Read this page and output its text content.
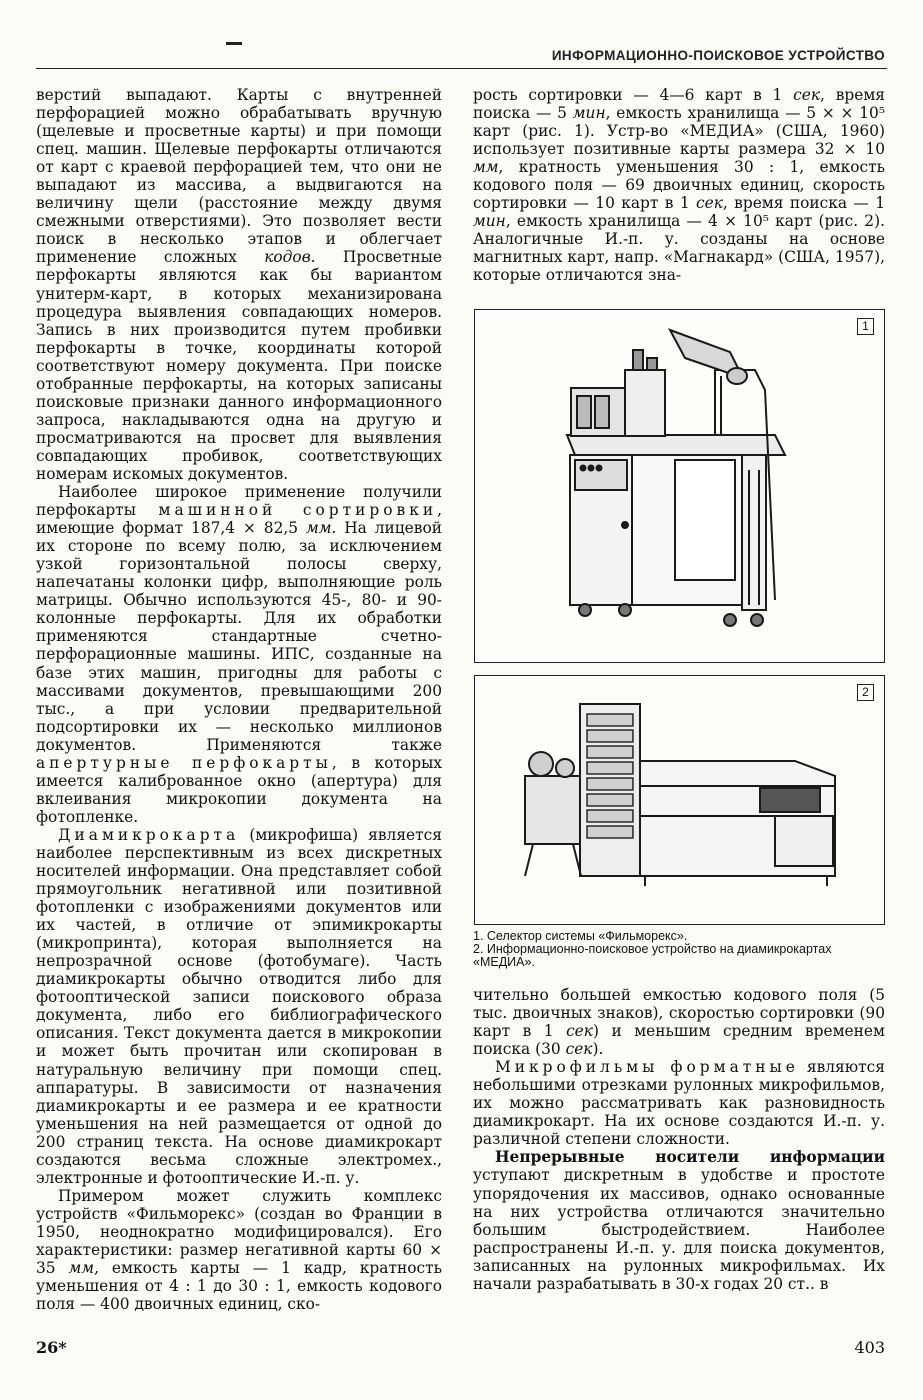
ИНФОРМАЦИОННО-ПОИСКОВОЕ УСТРОЙСТВО

верстий выпадают. Карты с внутренней перфорацией можно обрабатывать вручную (щелевые и просветные карты) и при помощи спец. машин. Щелевые перфокарты отличаются от карт с краевой перфорацией тем, что они не выпадают из массива, а выдвигаются на величину щели (расстояние между двумя смежными отверстиями). Это позволяет вести поиск в несколько этапов и облегчает применение сложных кодов. Просветные перфокарты являются как бы вариантом унитерм-карт, в которых механизирована процедура выявления совпадающих номеров. Запись в них производится путем пробивки перфокарты в точке, координаты которой соответствуют номеру документа. При поиске отобранные перфокарты, на которых записаны поисковые признаки данного информационного запроса, накладываются одна на другую и просматриваются на просвет для выявления совпадающих пробивок, соответствующих номерам искомых документов.

Наиболее широкое применение получили перфокарты машинной сортировки, имеющие формат 187,4 × 82,5 мм. На лицевой их стороне по всему полю, за исключением узкой горизонтальной полосы сверху, напечатаны колонки цифр, выполняющие роль матрицы. Обычно используются 45-, 80- и 90-колонные перфокарты. Для их обработки применяются стандартные счетно-перфорационные машины. ИПС, созданные на базе этих машин, пригодны для работы с массивами документов, превышающими 200 тыс., а при условии предварительной подсортировки их — несколько миллионов документов. Применяются также апертурные перфокарты, в которых имеется калиброванное окно (апертура) для вклеивания микрокопии документа на фотопленке.

Диамикрокарта (микрофиша) является наиболее перспективным из всех дискретных носителей информации. Она представляет собой прямоугольник негативной или позитивной фотопленки с изображениями документов или их частей, в отличие от эпимикрокарты (микропринта), которая выполняется на непрозрачной основе (фотобумаге). Часть диамикрокарты обычно отводится либо для фотооптической записи поискового образа документа, либо его библиографического описания. Текст документа дается в микрокопии и может быть прочитан или скопирован в натуральную величину при помощи спец. аппаратуры. В зависимости от назначения диамикрокарты и ее размера и ее кратности уменьшения на ней размещается от одной до 200 страниц текста. На основе диамикрокарт создаются весьма сложные электромех., электронные и фотооптические И.-п. у.

Примером может служить комплекс устройств «Фильморекс» (создан во Франции в 1950, неоднократно модифицировался). Его характеристики: размер негативной карты 60 × 35 мм, емкость карты — 1 кадр, кратность уменьшения от 4 : 1 до 30 : 1, емкость кодового поля — 400 двоичных единиц, ско-

рость сортировки — 4—6 карт в 1 сек, время поиска — 5 мин, емкость хранилища — 5 × × 10⁵ карт (рис. 1). Устр-во «МЕДИА» (США, 1960) использует позитивные карты размера 32 × 10 мм, кратность уменьшения 30 : 1, емкость кодового поля — 69 двоичных единиц, скорость сортировки — 10 карт в 1 сек, время поиска — 1 мин, емкость хранилища — 4 × 10⁵ карт (рис. 2). Аналогичные И.-п. у. созданы на основе магнитных карт, напр. «Магнакард» (США, 1957), которые отличаются зна-

1
2
1. Селектор системы «Фильморекс».
2. Информационно-поисковое устройство на диамикрокартах «МЕДИА».

чительно большей емкостью кодового поля (5 тыс. двоичных знаков), скоростью сортировки (90 карт в 1 сек) и меньшим средним временем поиска (30 сек).

Микрофильмы форматные являются небольшими отрезками рулонных микрофильмов, их можно рассматривать как разновидность диамикрокарт. На их основе создаются И.-п. у. различной степени сложности.

Непрерывные носители информации уступают дискретным в удобстве и простоте упорядочения их массивов, однако основанные на них устройства отличаются значительно большим быстродействием. Наиболее распространены И.-п. у. для поиска документов, записанных на рулонных микрофильмах. Их начали разрабатывать в 30-х годах 20 ст.. в

26*	403
